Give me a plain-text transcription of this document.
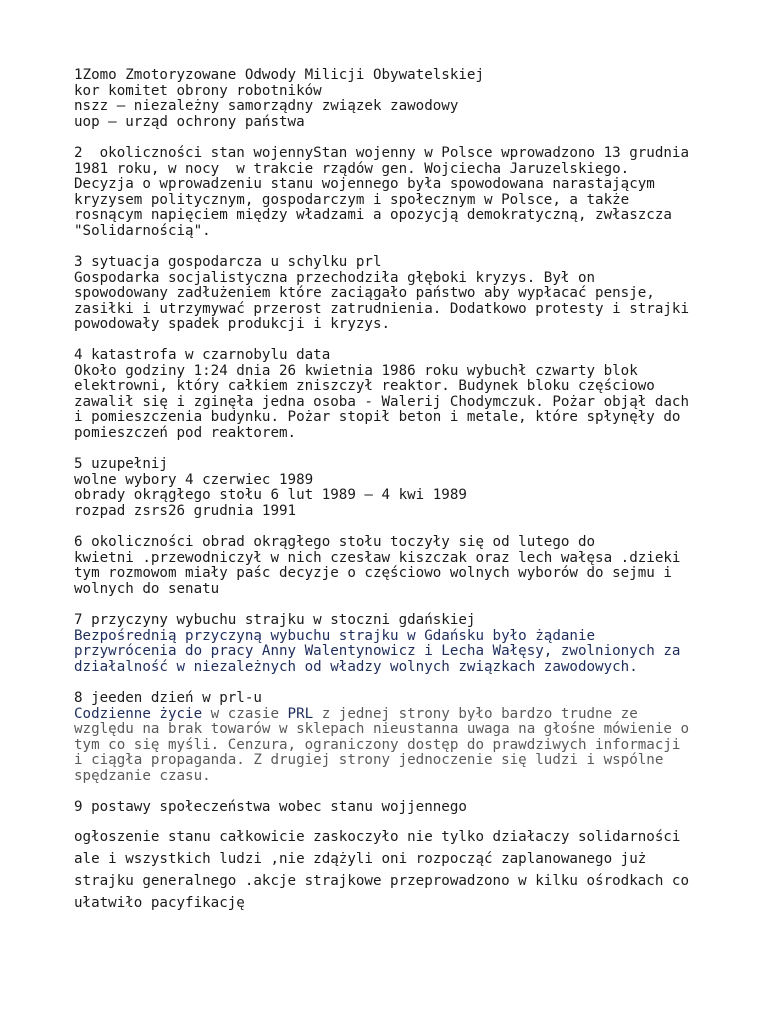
1Zomo Zmotoryzowane Odwody Milicji Obywatelskiej
kor komitet obrony robotników
nszz – niezależny samorządny związek zawodowy
uop – urząd ochrony państwa
2  okoliczności stan wojennyStan wojenny w Polsce wprowadzono 13 grudnia
1981 roku, w nocy  w trakcie rządów gen. Wojciecha Jaruzelskiego.
Decyzja o wprowadzeniu stanu wojennego była spowodowana narastającym
kryzysem politycznym, gospodarczym i społecznym w Polsce, a także
rosnącym napięciem między władzami a opozycją demokratyczną, zwłaszcza
"Solidarnością".
3 sytuacja gospodarcza u schylku prl
Gospodarka socjalistyczna przechodziła głęboki kryzys. Był on
spowodowany zadłużeniem które zaciągało państwo aby wypłacać pensje,
zasiłki i utrzymywać przerost zatrudnienia. Dodatkowo protesty i strajki
powodowały spadek produkcji i kryzys.
4 katastrofa w czarnobylu data
Około godziny 1:24 dnia 26 kwietnia 1986 roku wybuchł czwarty blok
elektrowni, który całkiem zniszczył reaktor. Budynek bloku częściowo
zawalił się i zginęła jedna osoba - Walerij Chodymczuk. Pożar objął dach
i pomieszczenia budynku. Pożar stopił beton i metale, które spłynęły do
pomieszczeń pod reaktorem.
5 uzupełnij
wolne wybory 4 czerwiec 1989
obrady okrągłego stołu 6 lut 1989 – 4 kwi 1989
rozpad zsrs26 grudnia 1991
6 okoliczności obrad okrągłego stołu toczyły się od lutego do
kwietni .przewodniczył w nich czesław kiszczak oraz lech wałęsa .dzieki
tym rozmowom miały paśc decyzje o częściowo wolnych wyborów do sejmu i
wolnych do senatu
7 przyczyny wybuchu strajku w stoczni gdańskiej
Bezpośrednią przyczyną wybuchu strajku w Gdańsku było żądanie
przywrócenia do pracy Anny Walentynowicz i Lecha Wałęsy, zwolnionych za
działalność w niezależnych od władzy wolnych związkach zawodowych.
8 jeeden dzień w prl-u
Codzienne życie w czasie PRL z jednej strony było bardzo trudne ze
względu na brak towarów w sklepach nieustanna uwaga na głośne mówienie o
tym co się myśli. Cenzura, ograniczony dostęp do prawdziwych informacji
i ciągła propaganda. Z drugiej strony jednoczenie się ludzi i wspólne
spędzanie czasu.
9 postawy społeczeństwa wobec stanu wojjennego
ogłoszenie stanu całkowicie zaskoczyło nie tylko działaczy solidarności
ale i wszystkich ludzi ,nie zdążyli oni rozpocząć zaplanowanego już
strajku generalnego .akcje strajkowe przeprowadzono w kilku ośrodkach co
ułatwiło pacyfikację
